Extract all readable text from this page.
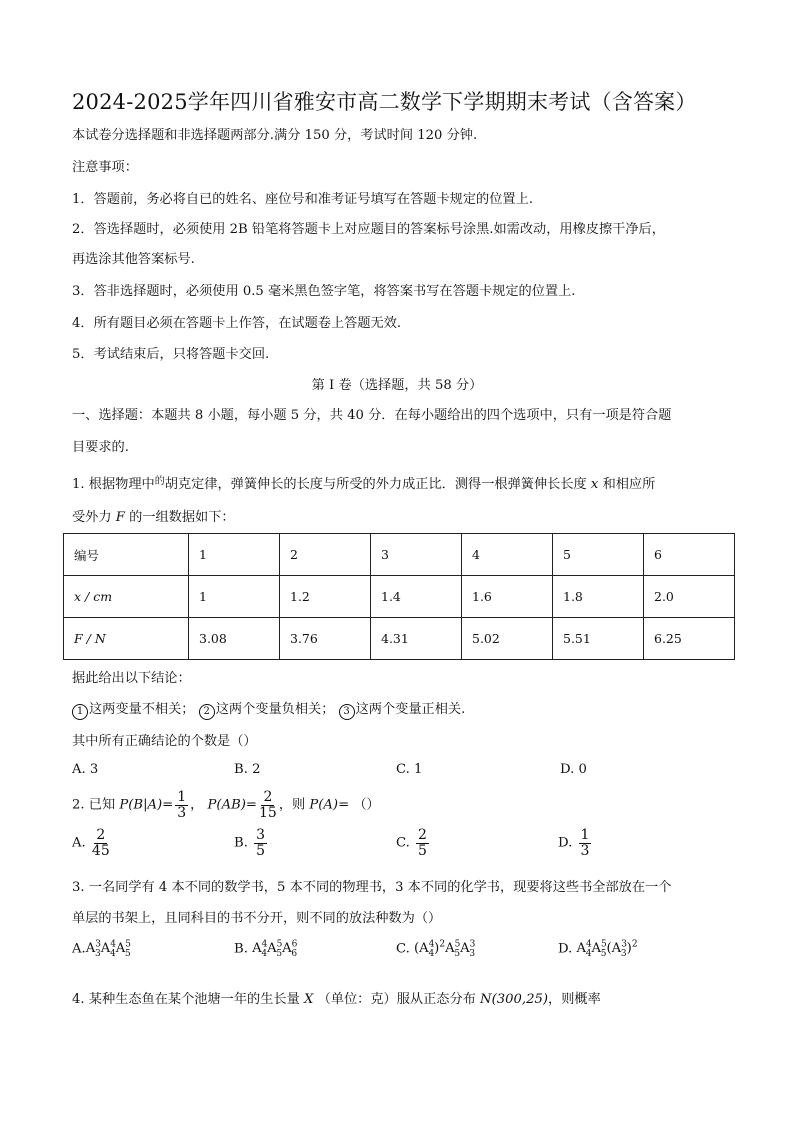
2024-2025学年四川省雅安市高二数学下学期期末考试（含答案）
本试卷分选择题和非选择题两部分.满分 150 分，考试时间 120 分钟.
注意事项：
1．答题前，务必将自已的姓名、座位号和准考证号填写在答题卡规定的位置上.
2．答选择题时，必须使用 2B 铅笔将答题卡上对应题目的答案标号涂黑.如需改动，用橡皮擦干净后，
再选涂其他答案标号.
3．答非选择题时，必须使用 0.5 毫米黑色签字笔，将答案书写在答题卡规定的位置上.
4．所有题目必须在答题卡上作答，在试题卷上答题无效.
5．考试结束后，只将答题卡交回.
第 I 卷（选择题，共 58 分）
一、选择题：本题共 8 小题，每小题 5 分，共 40 分．在每小题给出的四个选项中，只有一项是符合题
目要求的.
1. 根据物理中$^的$胡克定律，弹簧伸长的长度与所受的外力成正比．测得一根弹簧伸长长度 x 和相应所
受外力 F 的一组数据如下：
编号	1	2	3	4	5	6
x / cm	1	1.2	1.4	1.6	1.8	2.0
F / N	3.08	3.76	4.31	5.02	5.51	6.25
据此给出以下结论：
1 这两变量不相关； 2 这两个变量负相关； 3 这两个变量正相关.
其中所有正确结论的个数是（）
A. 3	B. 2	C. 1	D. 0
2. 已知 $P(B|A)= \frac{1}{3}$ ， $P(AB)= \frac{2}{15}$ ，则 P(A)= （）
A. $\frac{2}{45}$	B. $\frac{3}{5}$	C. $\frac{2}{5}$	D. $\frac{1}{3}$
3. 一名同学有 4 本不同的数学书，5 本不同的物理书，3 本不同的化学书，现要将这些书全部放在一个
单层的书架上，且同科目的书不分开，则不同的放法种数为（）
$A.A^3_3A^4_4A^5_5$	B. $A^4_4A^5_5A^6_6$	C. $(A^4_4)^2A^5_5A^3_3$	D. $A^4_4A^5_5(A^3_3)^2$
4. 某种生态鱼在某个池塘一年的生长量 X （单位：克）服从正态分布 N(300,25)，则概率
